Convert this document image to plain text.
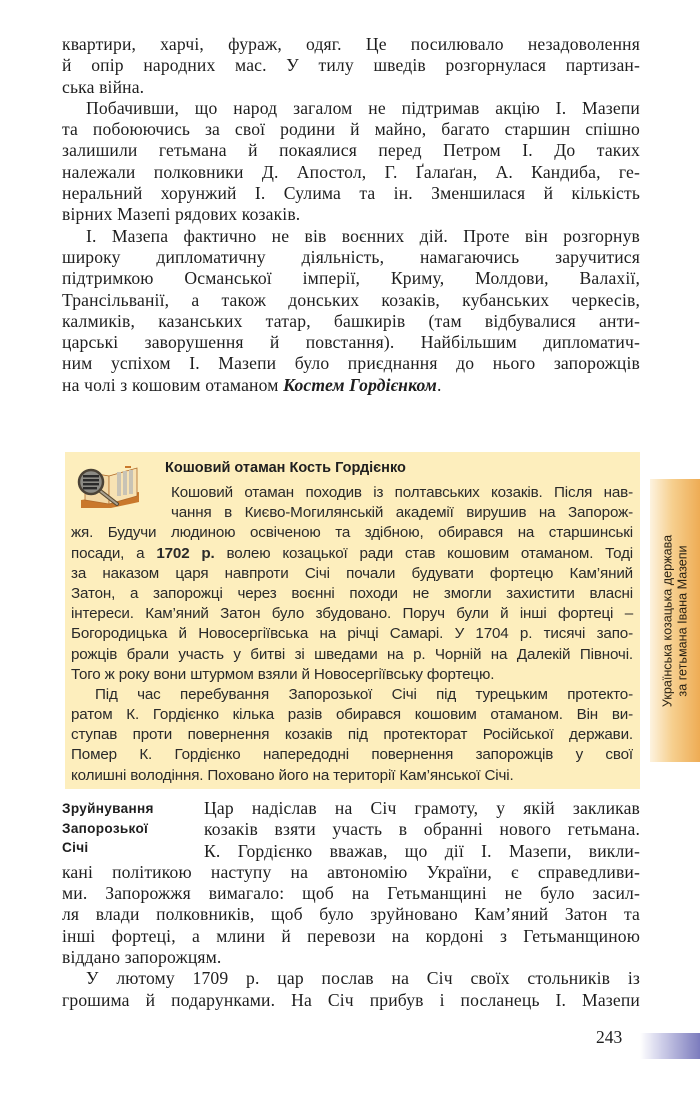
квартири, харчі, фураж, одяг. Це посилювало незадоволення
й опір народних мас. У тилу шведів розгорнулася партизан-
ська війна.
Побачивши, що народ загалом не підтримав акцію І. Мазепи
та побоюючись за свої родини й майно, багато старшин спішно
залишили гетьмана й покаялися перед Петром І. До таких
належали полковники Д. Апостол, Г. Ґалаґан, А. Кандиба, ге-
неральний хорунжий І. Сулима та ін. Зменшилася й кількість
вірних Мазепі рядових козаків.
І. Мазепа фактично не вів воєнних дій. Проте він розгорнув
широку дипломатичну діяльність, намагаючись заручитися
підтримкою Османської імперії, Криму, Молдови, Валахії,
Трансільванії, а також донських козаків, кубанських черкесів,
калмиків, казанських татар, башкирів (там відбувалися анти-
царські заворушення й повстання). Найбільшим дипломатич-
ним успіхом І. Мазепи було приєднання до нього запорожців
на чолі з кошовим отаманом Костем Гордієнком.
Кошовий отаман Кость Гордієнко
Кошовий отаман походив із полтавських козаків. Після нав-
чання в Києво-Могилянській академії вирушив на Запорож-
жя. Будучи людиною освіченою та здібною, обирався на старшинські
посади, а 1702 р. волею козацької ради став кошовим отаманом. Тоді
за наказом царя навпроти Січі почали будувати фортецю Кам’яний
Затон, а запорожці через воєнні походи не змогли захистити власні
інтереси. Кам’яний Затон було збудовано. Поруч були й інші фортеці –
Богородицька й Новосергіївська на річці Самарі. У 1704 р. тисячі запо-
рожців брали участь у битві зі шведами на р. Чорній на Далекій Півночі.
Того ж року вони штурмом взяли й Новосергіївську фортецю.
Під час перебування Запорозької Січі під турецьким протекто-
ратом К. Гордієнко кілька разів обирався кошовим отаманом. Він ви-
ступав проти повернення козаків під протекторат Російської держави.
Помер К. Гордієнко напередодні повернення запорожців у свої
колишні володіння. Поховано його на території Кам’янської Січі.
Українська козацька держава за гетьмана Івана Мазепи
Зруйнування
Запорозької
Січі
Цар надіслав на Січ грамоту, у якій закликав
козаків взяти участь в обранні нового гетьмана.
К. Гордієнко вважав, що дії І. Мазепи, викли-
кані політикою наступу на автономію України, є справедливи-
ми. Запорожжя вимагало: щоб на Гетьманщині не було засил-
ля влади полковників, щоб було зруйновано Кам’яний Затон та
інші фортеці, а млини й перевози на кордоні з Гетьманщиною
віддано запорожцям.
У лютому 1709 р. цар послав на Січ своїх стольників із
грошима й подарунками. На Січ прибув і посланець І. Мазепи
243
